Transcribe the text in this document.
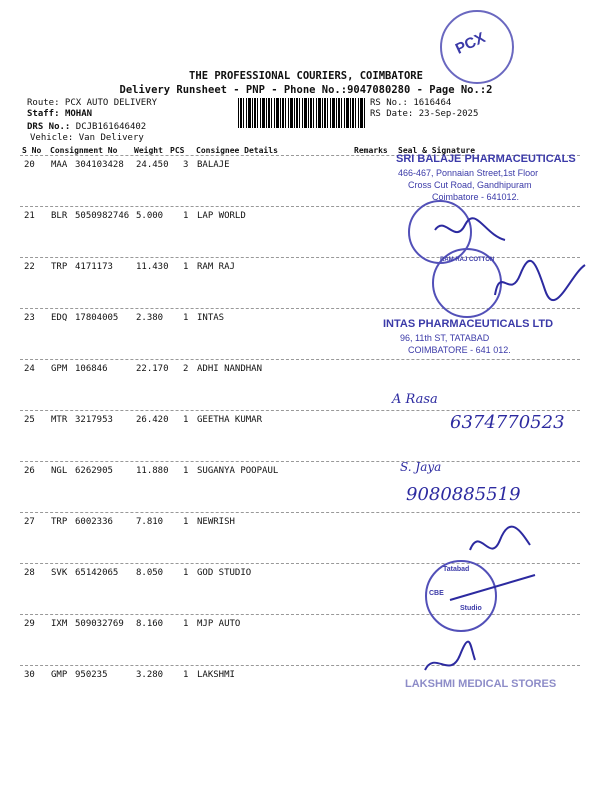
THE PROFESSIONAL COURIERS, COIMBATORE
Delivery Runsheet - PNP - Phone No.:9047080280 - Page No.:2
Route: PCX AUTO DELIVERY
Staff: MOHAN
DRS No.: DCJB161646402
Vehicle: Van Delivery
RS No.: 1616464
RS Date: 23-Sep-2025
S No Consignment No Weight PCS Consignee Details	Remarks Seal & Signature
20 MAA 304103428 24.450 3 BALAJE
21 BLR 5050982746 5.000 1 LAP WORLD
22 TRP 4171173	11.430 1 RAM RAJ
23 EDQ 17804005 2.380 1 INTAS
24 GPM 106846	22.170 2 ADHI NANDHAN
25 MTR 3217953	26.420 1 GEETHA KUMAR
26 NGL 6262905	11.880 1 SUGANYA POOPAUL
27 TRP 6002336	7.810 1 NEWRISH
28 SVK 65142065 8.050 1 GOD STUDIO
29 IXM 509032769 8.160 1 MJP AUTO
30 GMP 950235	3.280 1 LAKSHMI
PCX
SRI BALAJE PHARMACEUTICALS
466-467, Ponnaian Street,1st Floor
Cross Cut Road, Gandhipuram
Coimbatore - 641012.
RAM RAJ COTTON
INTAS PHARMACEUTICALS LTD
96, 11th ST, TATABAD
COIMBATORE - 641 012.
A Rasa
6374770523
S. Jaya
9080885519
Tatabad
CBE
Studio
LAKSHMI MEDICAL STORES
